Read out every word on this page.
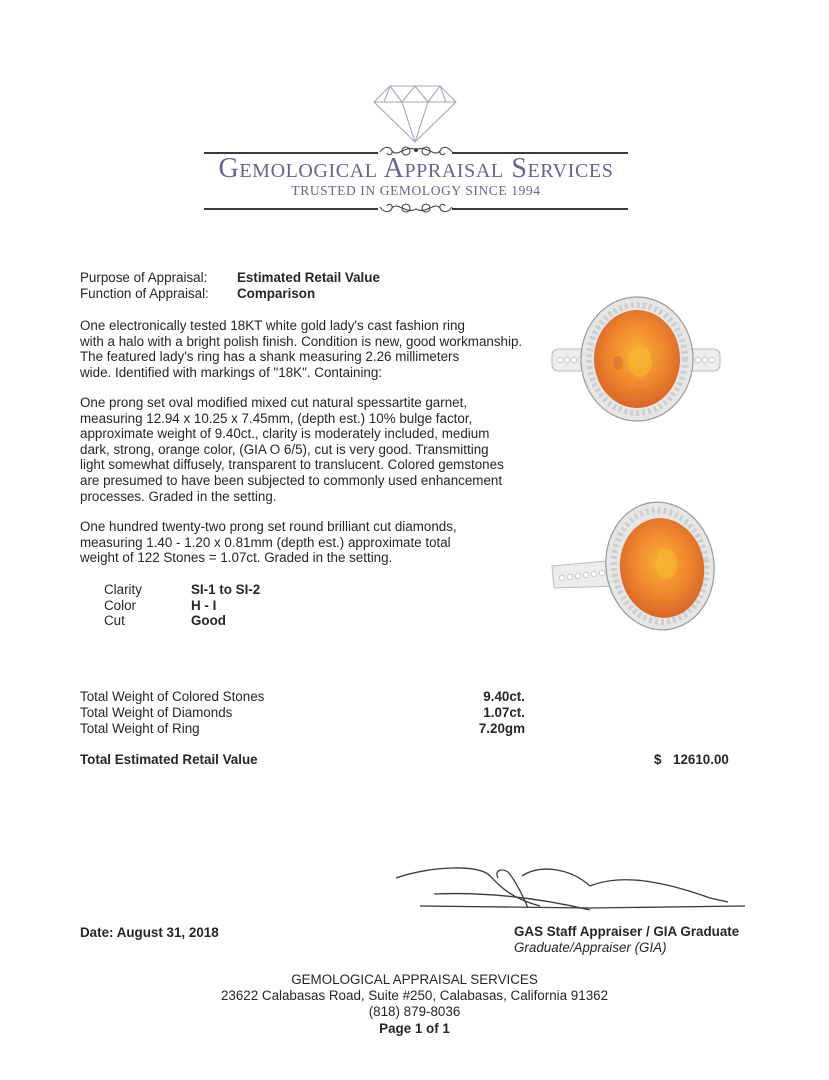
Gemological Appraisal Services
TRUSTED IN GEMOLOGY SINCE 1994
Purpose of Appraisal: Estimated Retail Value
Function of Appraisal: Comparison
One electronically tested 18KT white gold lady's cast fashion ring
with a halo with a bright polish finish. Condition is new, good workmanship.
The featured lady's ring has a shank measuring 2.26 millimeters
wide. Identified with markings of "18K". Containing:
One prong set oval modified mixed cut natural spessartite garnet,
measuring 12.94 x 10.25 x 7.45mm, (depth est.) 10% bulge factor,
approximate weight of 9.40ct., clarity is moderately included, medium
dark, strong, orange color, (GIA O 6/5), cut is very good. Transmitting
light somewhat diffusely, transparent to translucent. Colored gemstones
are presumed to have been subjected to commonly used enhancement
processes. Graded in the setting.
One hundred twenty-two prong set round brilliant cut diamonds,
measuring 1.40 - 1.20 x 0.81mm (depth est.) approximate total
weight of 122 Stones = 1.07ct. Graded in the setting.
Clarity	SI-1 to SI-2
Color	H - I
Cut	Good
Total Weight of Colored Stones	9.40ct.
Total Weight of Diamonds	1.07ct.
Total Weight of Ring	7.20gm
Total Estimated Retail Value	$ 12610.00
GAS Staff Appraiser / GIA Graduate
Graduate/Appraiser (GIA)
Date: August 31, 2018
GEMOLOGICAL APPRAISAL SERVICES
23622 Calabasas Road, Suite #250, Calabasas, California 91362
(818) 879-8036
Page 1 of 1
